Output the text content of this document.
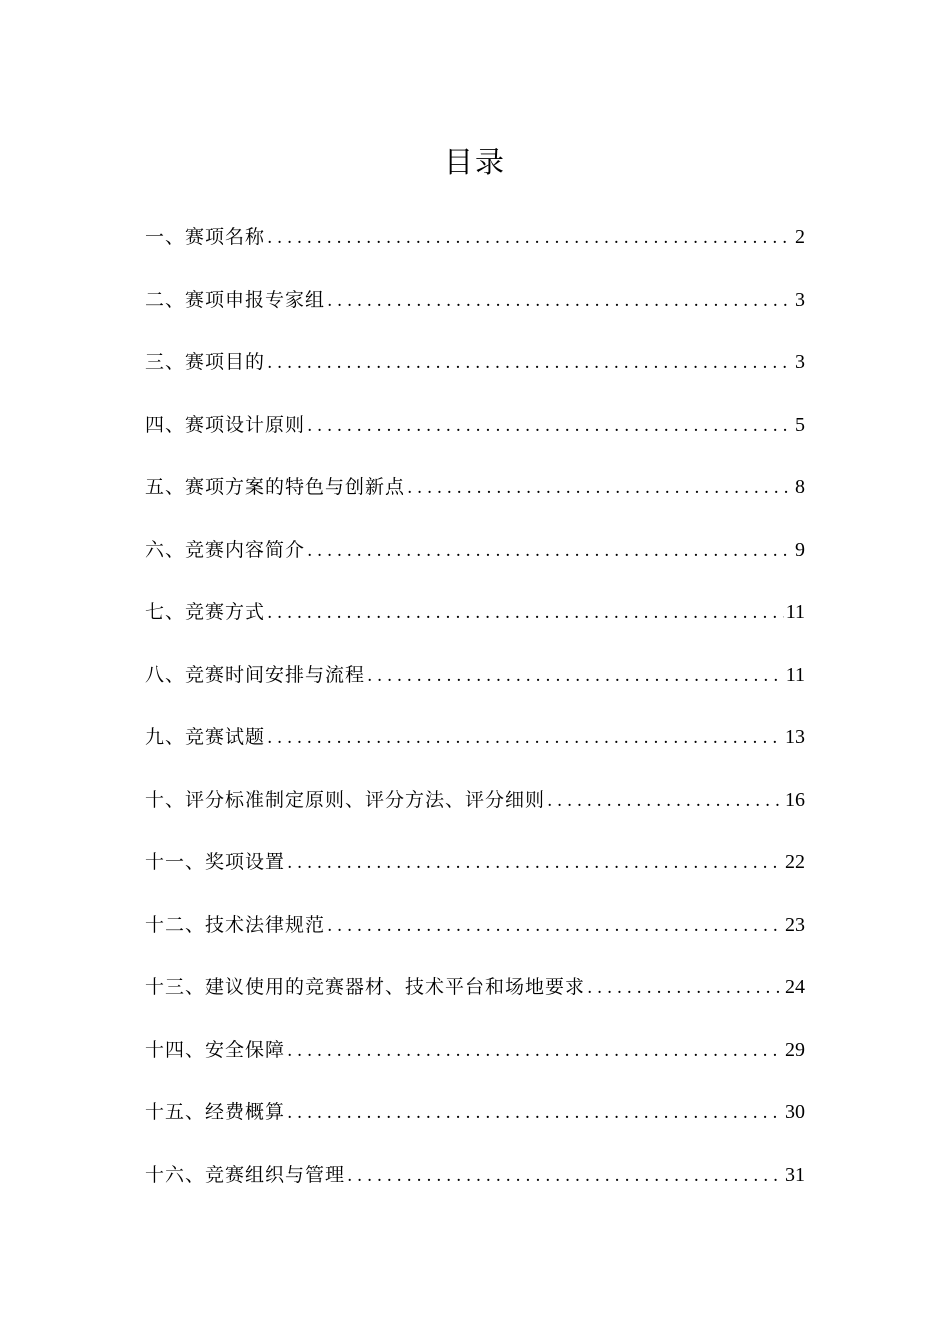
目录
一、赛项名称 .....	2
二、赛项申报专家组 .....	3
三、赛项目的 .....	3
四、赛项设计原则 .....	5
五、赛项方案的特色与创新点 .....	8
六、竞赛内容简介 .....	9
七、竞赛方式 .....	11
八、竞赛时间安排与流程 .....	11
九、竞赛试题 .....	13
十、评分标准制定原则、评分方法、评分细则 .....	16
十一、奖项设置 .....	22
十二、技术法律规范 .....	23
十三、建议使用的竞赛器材、技术平台和场地要求 .....	24
十四、安全保障 .....	29
十五、经费概算 .....	30
十六、竞赛组织与管理 .....	31
